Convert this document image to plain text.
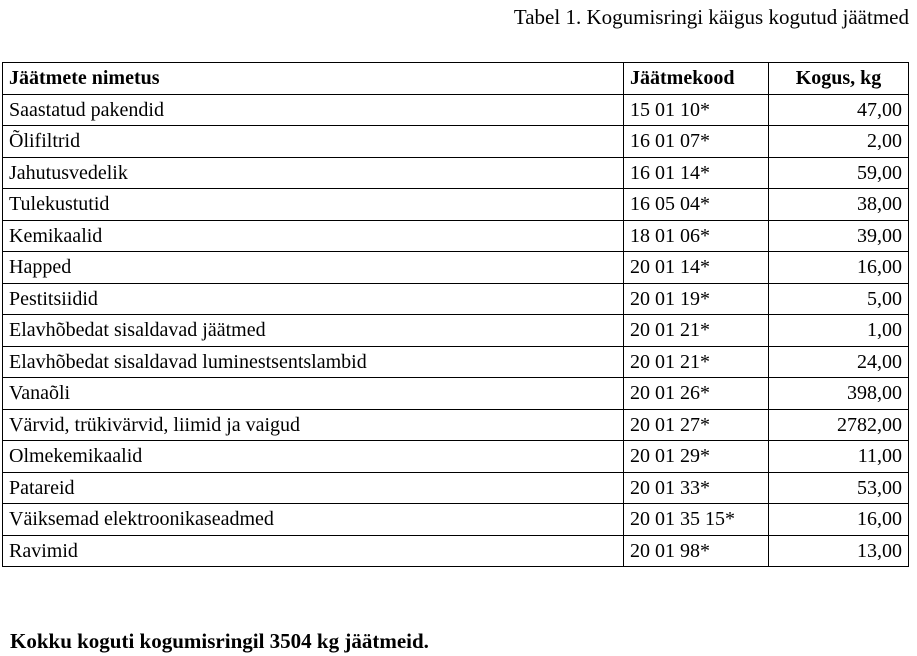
Tabel 1. Kogumisringi käigus kogutud jäätmed
Jäätmete nimetus	Jäätmekood	Kogus, kg
Saastatud pakendid	15 01 10*	47,00
Õlifiltrid	16 01 07*	2,00
Jahutusvedelik	16 01 14*	59,00
Tulekustutid	16 05 04*	38,00
Kemikaalid	18 01 06*	39,00
Happed	20 01 14*	16,00
Pestitsiidid	20 01 19*	5,00
Elavhõbedat sisaldavad jäätmed	20 01 21*	1,00
Elavhõbedat sisaldavad luminestsentslambid	20 01 21*	24,00
Vanaõli	20 01 26*	398,00
Värvid, trükivärvid, liimid ja vaigud	20 01 27*	2782,00
Olmekemikaalid	20 01 29*	11,00
Patareid	20 01 33*	53,00
Väiksemad elektroonikaseadmed	20 01 35 15*	16,00
Ravimid	20 01 98*	13,00
Kokku koguti kogumisringil 3504 kg jäätmeid.
